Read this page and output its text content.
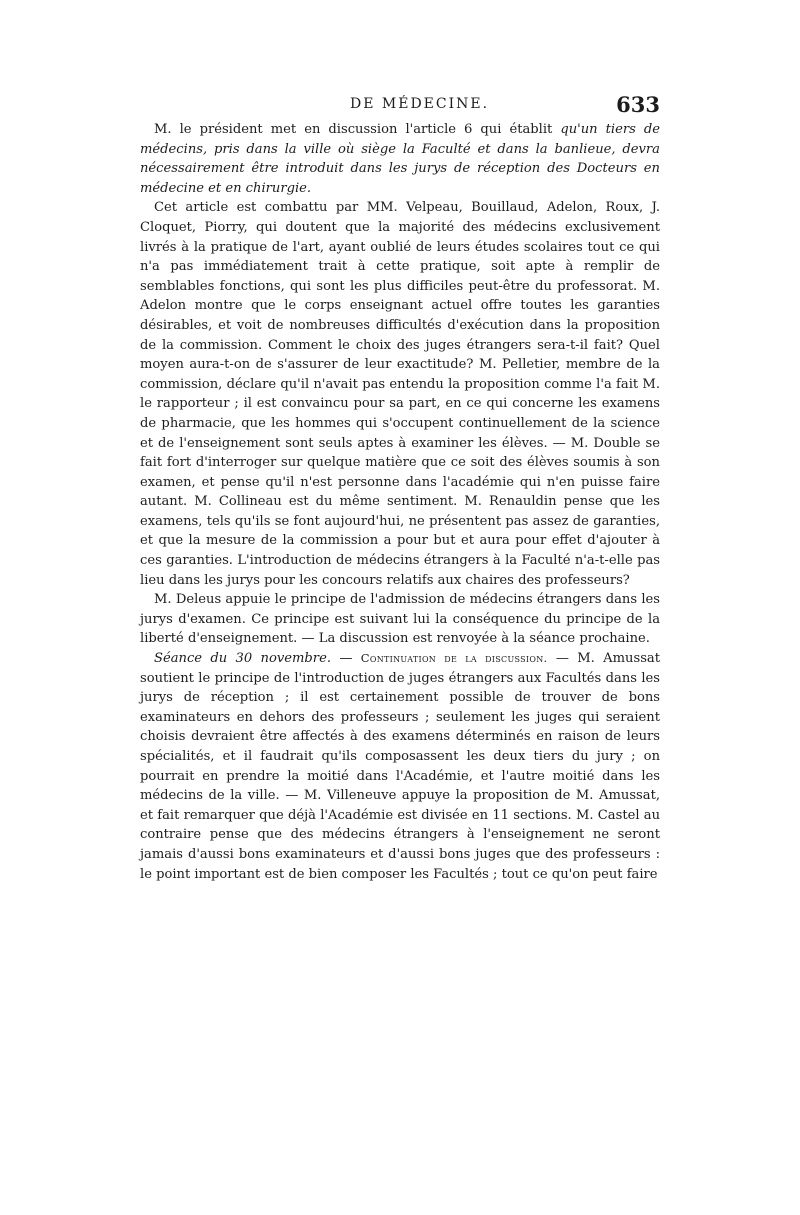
DE MÉDECINE.	633

M. le président met en discussion l'article 6 qui établit qu'un tiers de médecins, pris dans la ville où siège la Faculté et dans la banlieue, devra nécessairement être introduit dans les jurys de réception des Docteurs en médecine et en chirurgie.

Cet article est combattu par MM. Velpeau, Bouillaud, Adelon, Roux, J. Cloquet, Piorry, qui doutent que la majorité des médecins exclusivement livrés à la pratique de l'art, ayant oublié de leurs études scolaires tout ce qui n'a pas immédiatement trait à cette pratique, soit apte à remplir de semblables fonctions, qui sont les plus difficiles peut-être du professorat. M. Adelon montre que le corps enseignant actuel offre toutes les garanties désirables, et voit de nombreuses difficultés d'exécution dans la proposition de la commission. Comment le choix des juges étrangers sera-t-il fait? Quel moyen aura-t-on de s'assurer de leur exactitude? M. Pelletier, membre de la commission, déclare qu'il n'avait pas entendu la proposition comme l'a fait M. le rapporteur ; il est convaincu pour sa part, en ce qui concerne les examens de pharmacie, que les hommes qui s'occupent continuellement de la science et de l'enseignement sont seuls aptes à examiner les élèves. — M. Double se fait fort d'interroger sur quelque matière que ce soit des élèves soumis à son examen, et pense qu'il n'est personne dans l'académie qui n'en puisse faire autant. M. Collineau est du même sentiment. M. Renauldin pense que les examens, tels qu'ils se font aujourd'hui, ne présentent pas assez de garanties, et que la mesure de la commission a pour but et aura pour effet d'ajouter à ces garanties. L'introduction de médecins étrangers à la Faculté n'a-t-elle pas lieu dans les jurys pour les concours relatifs aux chaires des professeurs?

M. Deleus appuie le principe de l'admission de médecins étrangers dans les jurys d'examen. Ce principe est suivant lui la conséquence du principe de la liberté d'enseignement. — La discussion est renvoyée à la séance prochaine.

Séance du 30 novembre. — Continuation de la discussion. — M. Amussat soutient le principe de l'introduction de juges étrangers aux Facultés dans les jurys de réception ; il est certainement possible de trouver de bons examinateurs en dehors des professeurs ; seulement les juges qui seraient choisis devraient être affectés à des examens déterminés en raison de leurs spécialités, et il faudrait qu'ils composassent les deux tiers du jury ; on pourrait en prendre la moitié dans l'Académie, et l'autre moitié dans les médecins de la ville. — M. Villeneuve appuye la proposition de M. Amussat, et fait remarquer que déjà l'Académie est divisée en 11 sections. M. Castel au contraire pense que des médecins étrangers à l'enseignement ne seront jamais d'aussi bons examinateurs et d'aussi bons juges que des professeurs : le point important est de bien composer les Facultés ; tout ce qu'on peut faire
